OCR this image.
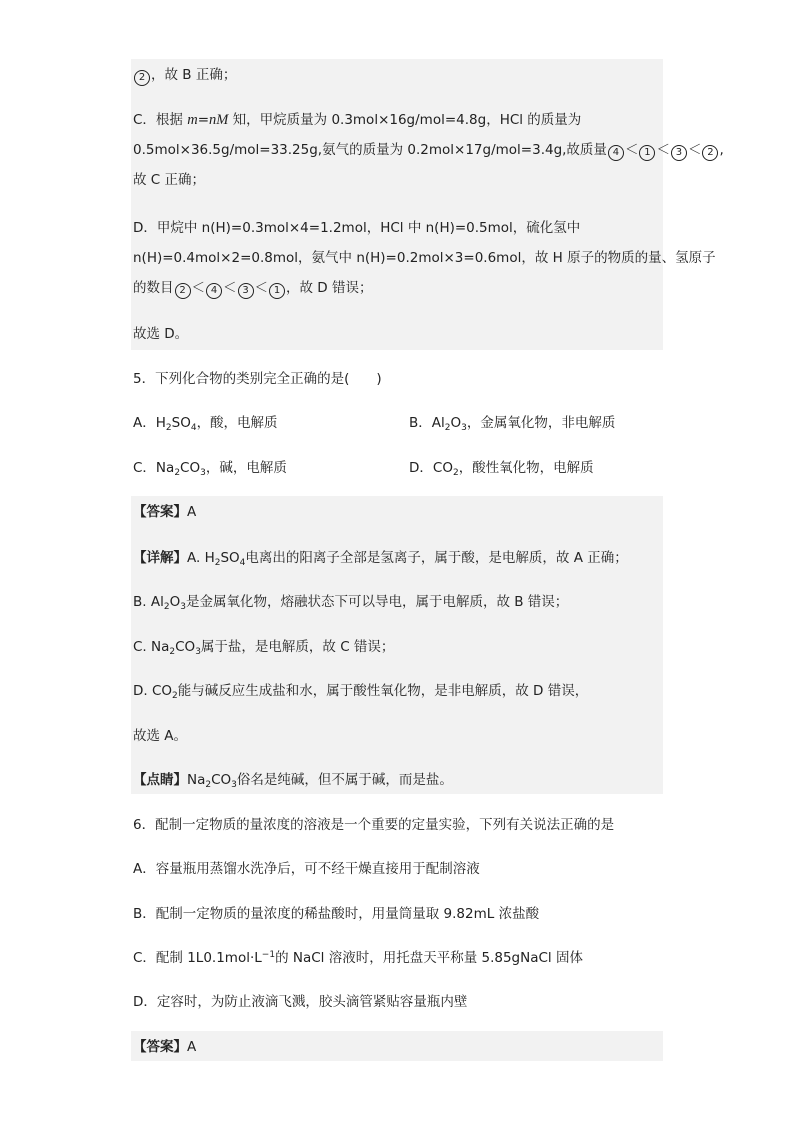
2 ，故 B 正确；
C．根据 m=nM 知，甲烷质量为 0.3mol×16g/mol=4.8g，HCl 的质量为
0.5mol×36.5g/mol=33.25g,氨气的质量为 0.2mol×17g/mol=3.4g,故质量 4 ＜ 1 ＜ 3 ＜ 2 ,
故 C 正确；
D．甲烷中 n(H)=0.3mol×4=1.2mol，HCl 中 n(H)=0.5mol，硫化氢中
n(H)=0.4mol×2=0.8mol，氨气中 n(H)=0.2mol×3=0.6mol，故 H 原子的物质的量、氢原子
的数目 2 ＜ 4 ＜ 3 ＜ 1 ，故 D 错误；
故选 D。
5．下列化合物的类别完全正确的是(　　)
A．$H_2SO_4$，酸，电解质	B．$Al_2O_3$，金属氧化物，非电解质
C．$Na_2CO_3$，碱，电解质	D．$CO_2$，酸性氧化物，电解质
【答案】A
【详解】A. $H_2SO_4$电离出的阳离子全部是氢离子，属于酸，是电解质，故 A 正确；
B. $Al_2O_3$是金属氧化物，熔融状态下可以导电，属于电解质，故 B 错误；
C. $Na_2CO_3$属于盐，是电解质，故 C 错误；
D. $CO_2$能与碱反应生成盐和水，属于酸性氧化物，是非电解质，故 D 错误，
故选 A。
【点睛】$Na_2CO_3$俗名是纯碱，但不属于碱，而是盐。
6．配制一定物质的量浓度的溶液是一个重要的定量实验，下列有关说法正确的是
A．容量瓶用蒸馏水洗净后，可不经干燥直接用于配制溶液
B．配制一定物质的量浓度的稀盐酸时，用量筒量取 9.82mL 浓盐酸
C．配制 $1L0.1mol\cdot L^{-1}$的 NaCl 溶液时，用托盘天平称量 5.85gNaCl 固体
D．定容时，为防止液滴飞溅，胶头滴管紧贴容量瓶内壁
【答案】A
